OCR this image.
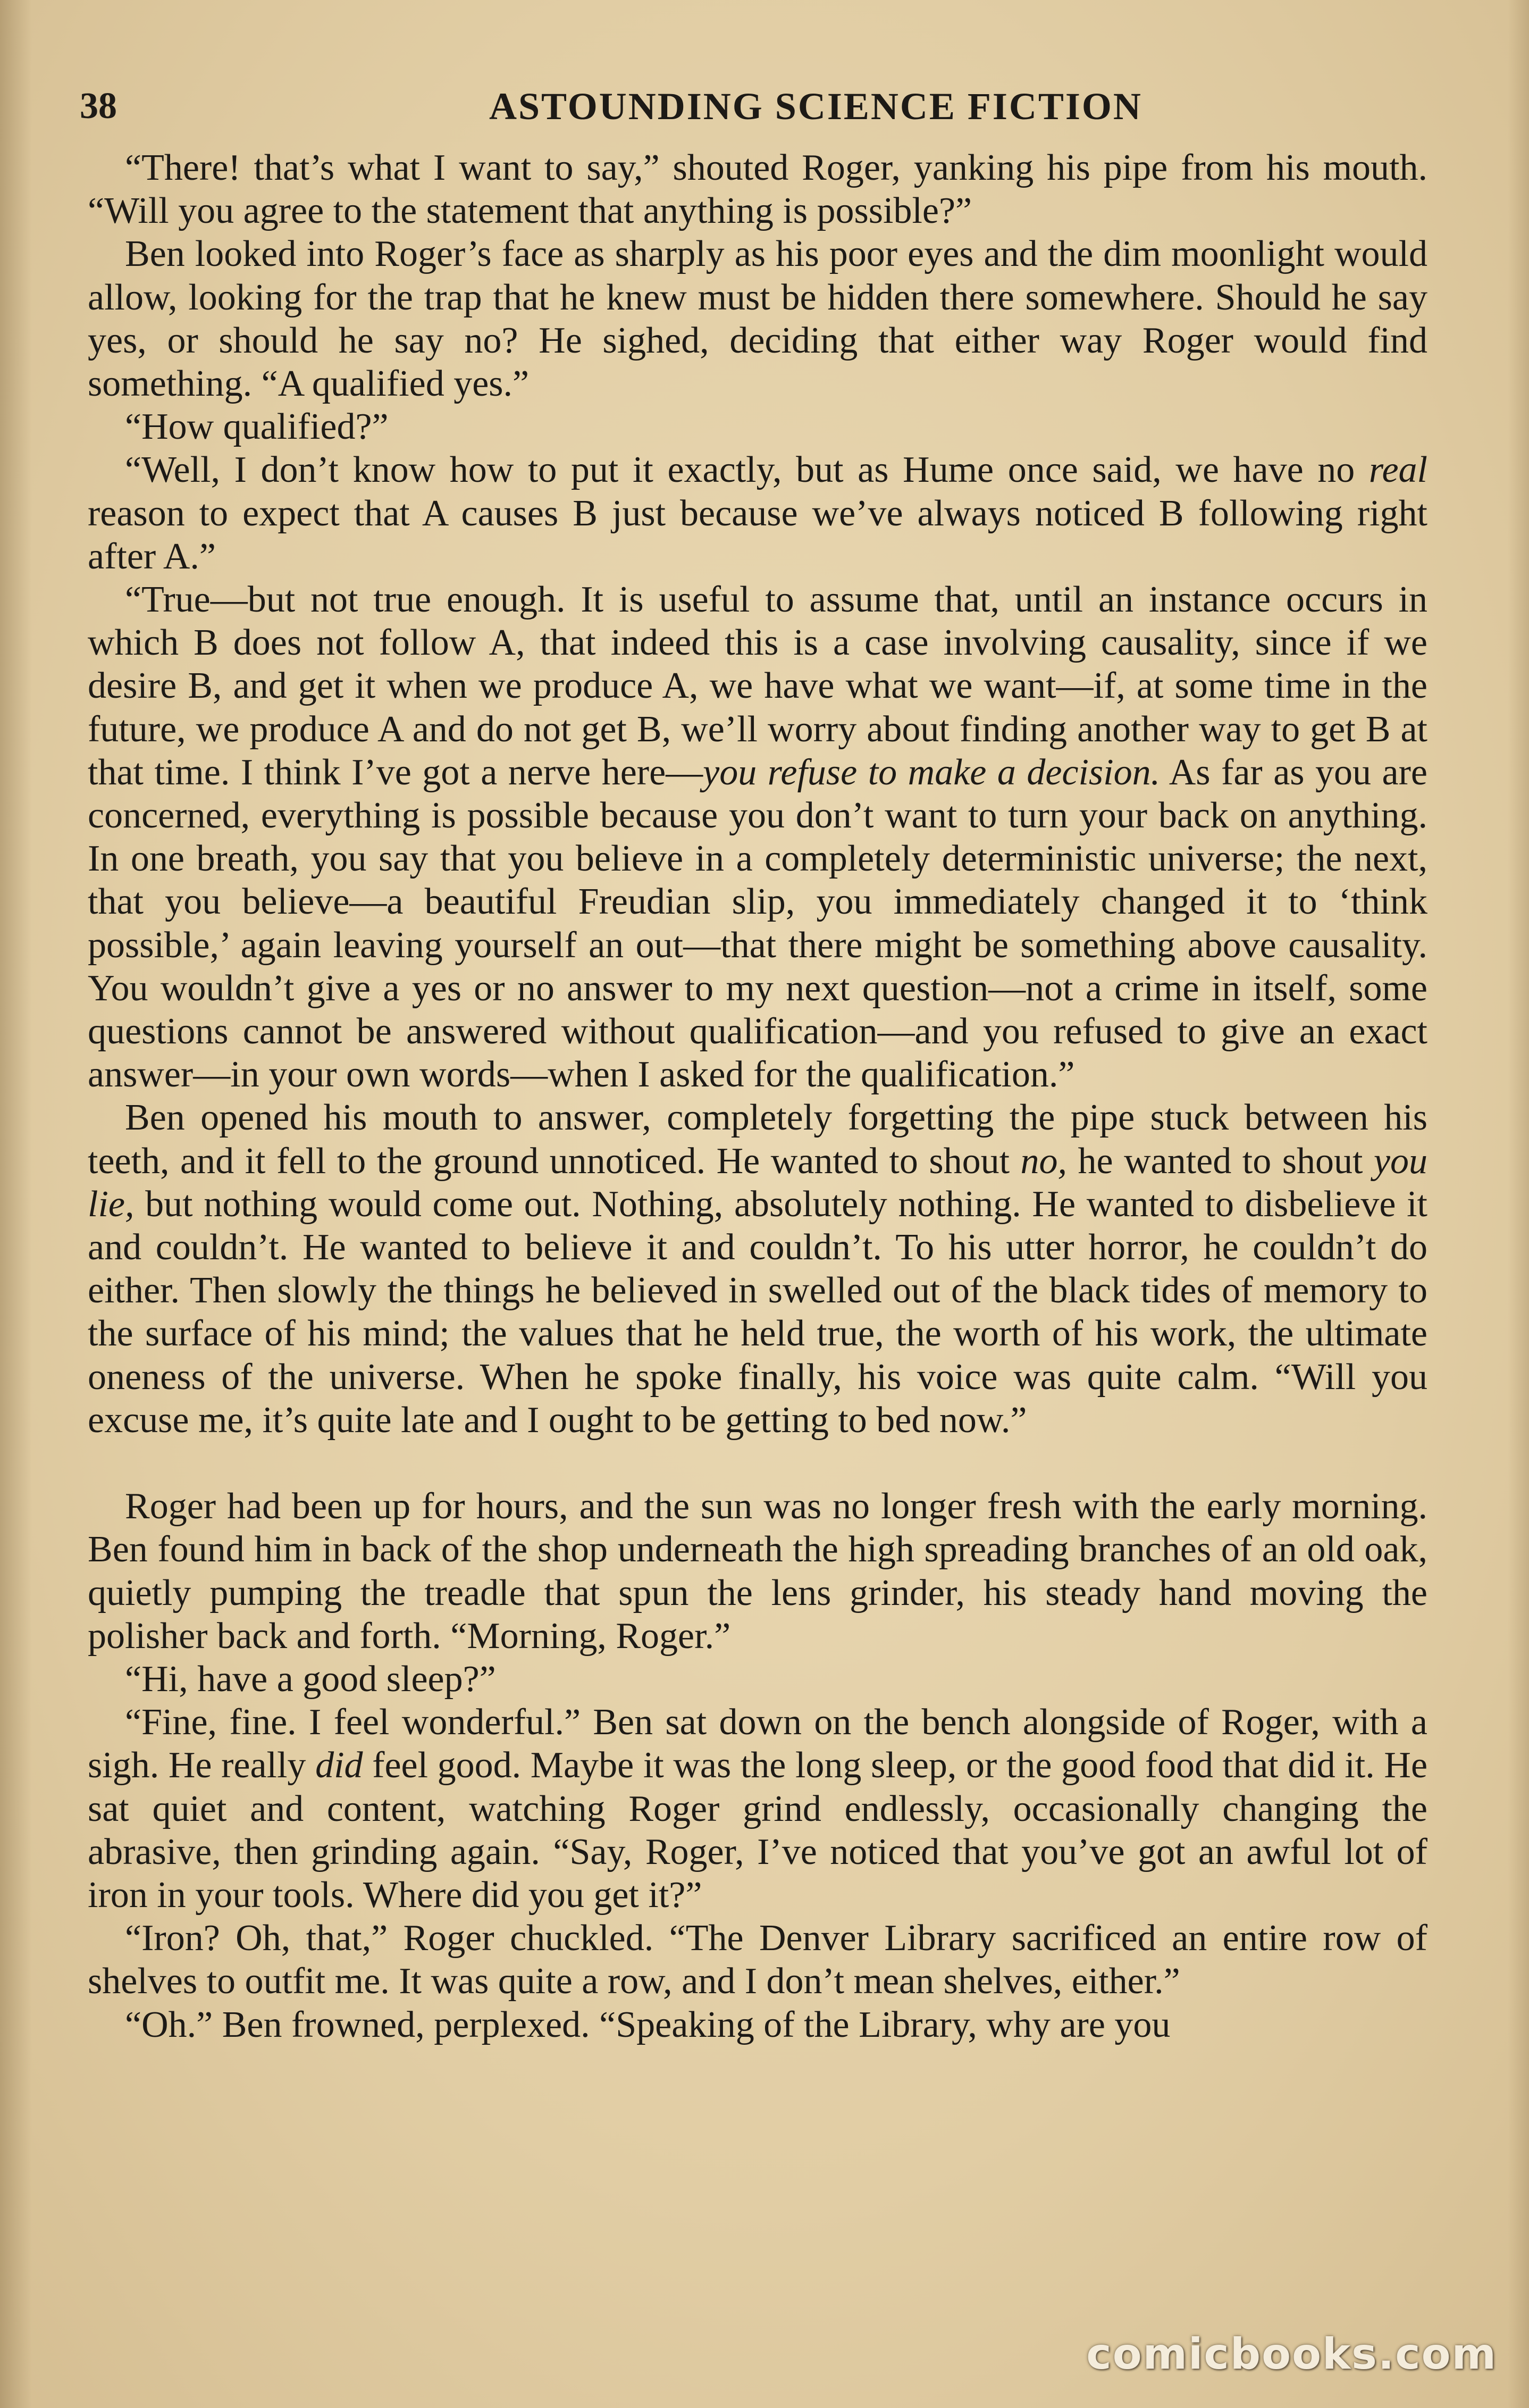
38	ASTOUNDING SCIENCE FICTION

“There! that’s what I want to say,” shouted Roger, yanking his pipe from his mouth. “Will you agree to the statement that anything is possible?”

Ben looked into Roger’s face as sharply as his poor eyes and the dim moonlight would allow, looking for the trap that he knew must be hidden there somewhere. Should he say yes, or should he say no? He sighed, deciding that either way Roger would find something. “A qualified yes.”

“How qualified?”

“Well, I don’t know how to put it exactly, but as Hume once said, we have no real reason to expect that A causes B just because we’ve always noticed B following right after A.”

“True—but not true enough. It is useful to assume that, until an instance occurs in which B does not follow A, that indeed this is a case involving causality, since if we desire B, and get it when we produce A, we have what we want—if, at some time in the future, we produce A and do not get B, we’ll worry about finding another way to get B at that time. I think I’ve got a nerve here—you refuse to make a decision. As far as you are concerned, everything is possible because you don’t want to turn your back on anything. In one breath, you say that you believe in a completely deterministic universe; the next, that you believe—a beautiful Freudian slip, you immediately changed it to ‘think possible,’ again leaving yourself an out—that there might be something above causality. You wouldn’t give a yes or no answer to my next question—not a crime in itself, some questions cannot be answered without qualification—and you refused to give an exact answer—in your own words—when I asked for the qualification.”

Ben opened his mouth to answer, completely forgetting the pipe stuck between his teeth, and it fell to the ground unnoticed. He wanted to shout no, he wanted to shout you lie, but nothing would come out. Nothing, absolutely nothing. He wanted to disbelieve it and couldn’t. He wanted to believe it and couldn’t. To his utter horror, he couldn’t do either. Then slowly the things he believed in swelled out of the black tides of memory to the surface of his mind; the values that he held true, the worth of his work, the ultimate oneness of the universe. When he spoke finally, his voice was quite calm. “Will you excuse me, it’s quite late and I ought to be getting to bed now.”

Roger had been up for hours, and the sun was no longer fresh with the early morning. Ben found him in back of the shop underneath the high spreading branches of an old oak, quietly pumping the treadle that spun the lens grinder, his steady hand moving the polisher back and forth. “Morning, Roger.”

“Hi, have a good sleep?”

“Fine, fine. I feel wonderful.” Ben sat down on the bench alongside of Roger, with a sigh. He really did feel good. Maybe it was the long sleep, or the good food that did it. He sat quiet and content, watching Roger grind endlessly, occasionally changing the abrasive, then grinding again. “Say, Roger, I’ve noticed that you’ve got an awful lot of iron in your tools. Where did you get it?”

“Iron? Oh, that,” Roger chuckled. “The Denver Library sacrificed an entire row of shelves to outfit me. It was quite a row, and I don’t mean shelves, either.”

“Oh.” Ben frowned, perplexed. “Speaking of the Library, why are you

comicbooks.com
